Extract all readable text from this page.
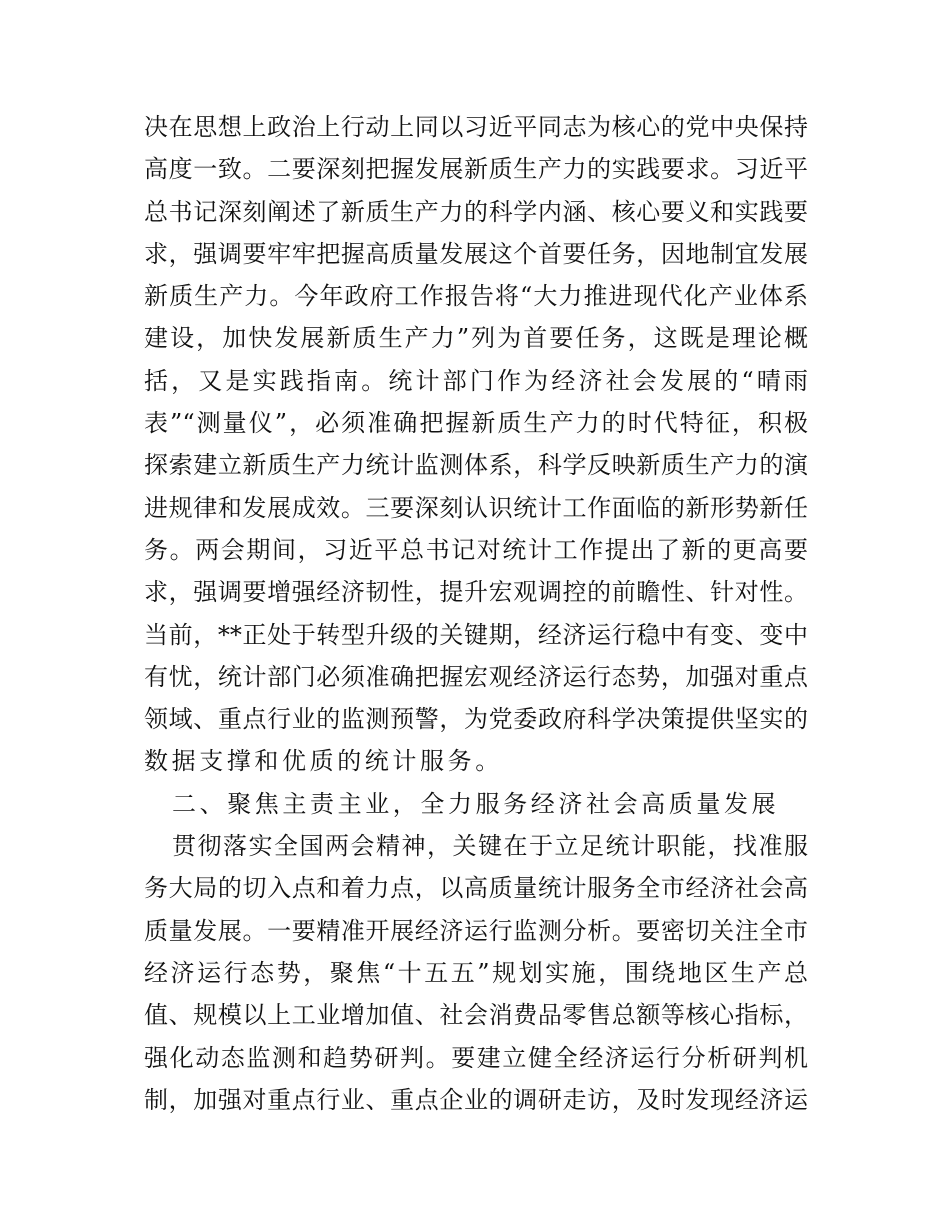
决在思想上政治上行动上同以习近平同志为核心的党中央保持
高度一致。二要深刻把握发展新质生产力的实践要求。习近平
总书记深刻阐述了新质生产力的科学内涵、核心要义和实践要
求，强调要牢牢把握高质量发展这个首要任务，因地制宜发展
新质生产力。今年政府工作报告将“大力推进现代化产业体系
建设，加快发展新质生产力”列为首要任务，这既是理论概
括，又是实践指南。统计部门作为经济社会发展的“晴雨
表”“测量仪”，必须准确把握新质生产力的时代特征，积极
探索建立新质生产力统计监测体系，科学反映新质生产力的演
进规律和发展成效。三要深刻认识统计工作面临的新形势新任
务。两会期间，习近平总书记对统计工作提出了新的更高要
求，强调要增强经济韧性，提升宏观调控的前瞻性、针对性。
当前，**正处于转型升级的关键期，经济运行稳中有变、变中
有忧，统计部门必须准确把握宏观经济运行态势，加强对重点
领域、重点行业的监测预警，为党委政府科学决策提供坚实的
数据支撑和优质的统计服务。
二、聚焦主责主业，全力服务经济社会高质量发展
贯彻落实全国两会精神，关键在于立足统计职能，找准服
务大局的切入点和着力点，以高质量统计服务全市经济社会高
质量发展。一要精准开展经济运行监测分析。要密切关注全市
经济运行态势，聚焦“十五五”规划实施，围绕地区生产总
值、规模以上工业增加值、社会消费品零售总额等核心指标，
强化动态监测和趋势研判。要建立健全经济运行分析研判机
制，加强对重点行业、重点企业的调研走访，及时发现经济运
